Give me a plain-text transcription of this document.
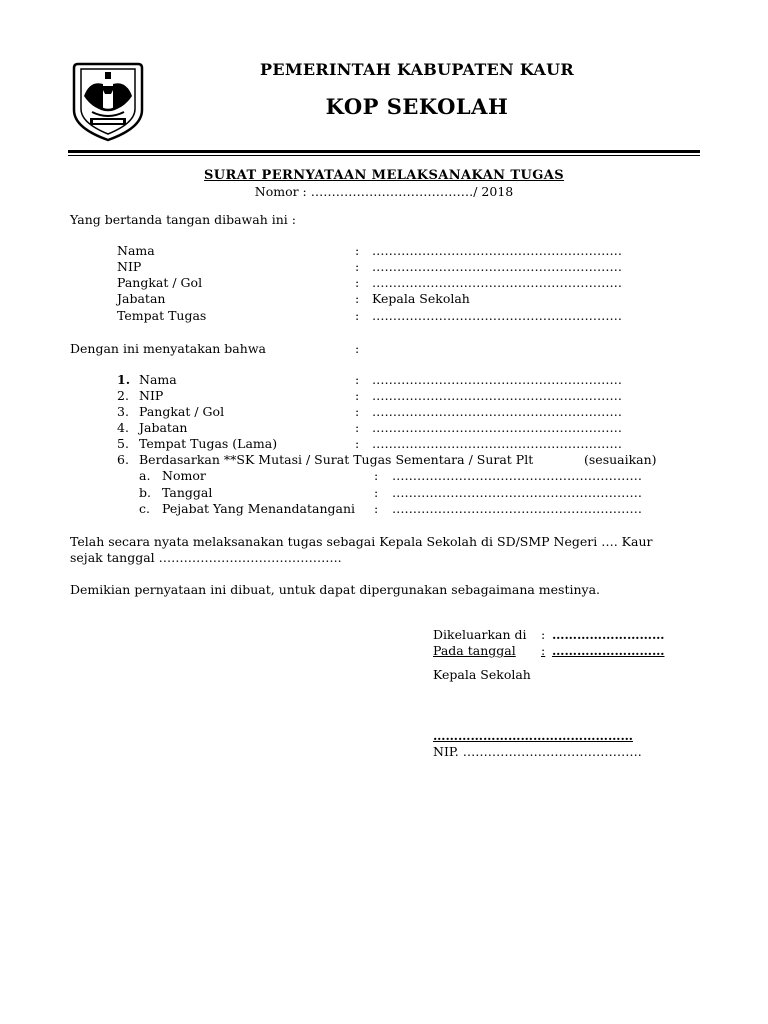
PEMERINTAH KABUPATEN KAUR
KOP SEKOLAH
SURAT PERNYATAAN MELAKSANAKAN TUGAS
Nomor : …………………………………/ 2018
Yang bertanda tangan dibawah ini :
Nama	: ……………………………………………………
NIP	: ……………………………………………………
Pangkat / Gol	: ……………………………………………………
Jabatan	: Kepala Sekolah
Tempat Tugas	: ……………………………………………………
Dengan ini menyatakan bahwa	:
1. Nama	: ……………………………………………………
2. NIP	: ……………………………………………………
3. Pangkat / Gol	: ……………………………………………………
4. Jabatan	: ……………………………………………………
5. Tempat Tugas (Lama)	: ……………………………………………………
6. Berdasarkan **SK Mutasi / Surat Tugas Sementara / Surat Plt	(sesuaikan)
a. Nomor	: ……………………………………………………
b. Tanggal	: ……………………………………………………
c. Pejabat Yang Menandatangani : ……………………………………………………
Telah secara nyata melaksanakan tugas sebagai Kepala Sekolah di SD/SMP Negeri …. Kaur
sejak tanggal ……………………………………..
Demikian pernyataan ini dibuat, untuk dapat dipergunakan sebagaimana mestinya.
Dikeluarkan di : ………………………
Pada tanggal : ………………………
Kepala Sekolah
…………………………………………
NIP. …………………………………….
